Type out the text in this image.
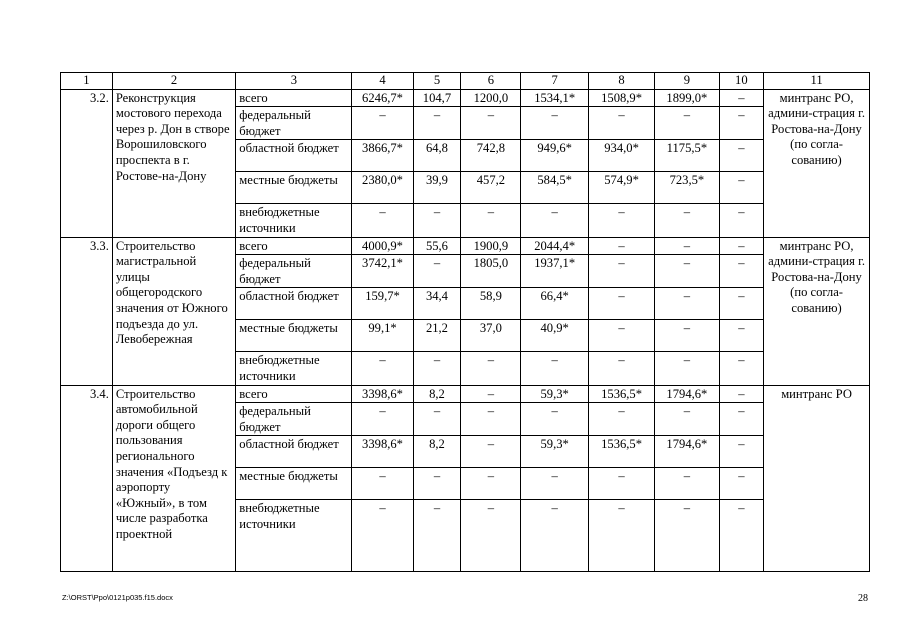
1	2	3	4	5	6	7	8	9	10	11
3.2.	Реконструкция мостового перехода через р. Дон в створе Ворошиловского проспекта в г. Ростове-на-Дону	всего	6246,7*	104,7	1200,0	1534,1*	1508,9*	1899,0*	–	минтранс РО, админи-страция г. Ростова-на-Дону (по согла-сованию)
		федеральный бюджет	–	–	–	–	–	–	–	
		областной бюджет	3866,7*	64,8	742,8	949,6*	934,0*	1175,5*	–	
		местные бюджеты	2380,0*	39,9	457,2	584,5*	574,9*	723,5*	–	
		внебюджетные источники	–	–	–	–	–	–	–	
3.3.	Строительство магистральной улицы общегородского значения от Южного подъезда до ул. Левобережная	всего	4000,9*	55,6	1900,9	2044,4*	–	–	–	минтранс РО, админи-страция г. Ростова-на-Дону (по согла-сованию)
		федеральный бюджет	3742,1*	–	1805,0	1937,1*	–	–	–	
		областной бюджет	159,7*	34,4	58,9	66,4*	–	–	–	
		местные бюджеты	99,1*	21,2	37,0	40,9*	–	–	–	
		внебюджетные источники	–	–	–	–	–	–	–	
3.4.	Строительство автомобильной дороги общего пользования регионального значения «Подъезд к аэропорту «Южный», в том числе разработка проектной	всего	3398,6*	8,2	–	59,3*	1536,5*	1794,6*	–	минтранс РО
		федеральный бюджет	–	–	–	–	–	–	–	
		областной бюджет	3398,6*	8,2	–	59,3*	1536,5*	1794,6*	–	
		местные бюджеты	–	–	–	–	–	–	–	
		внебюджетные источники	–	–	–	–	–	–	–	
Z:\ORST\Ppo\0121p035.f15.docx	28
